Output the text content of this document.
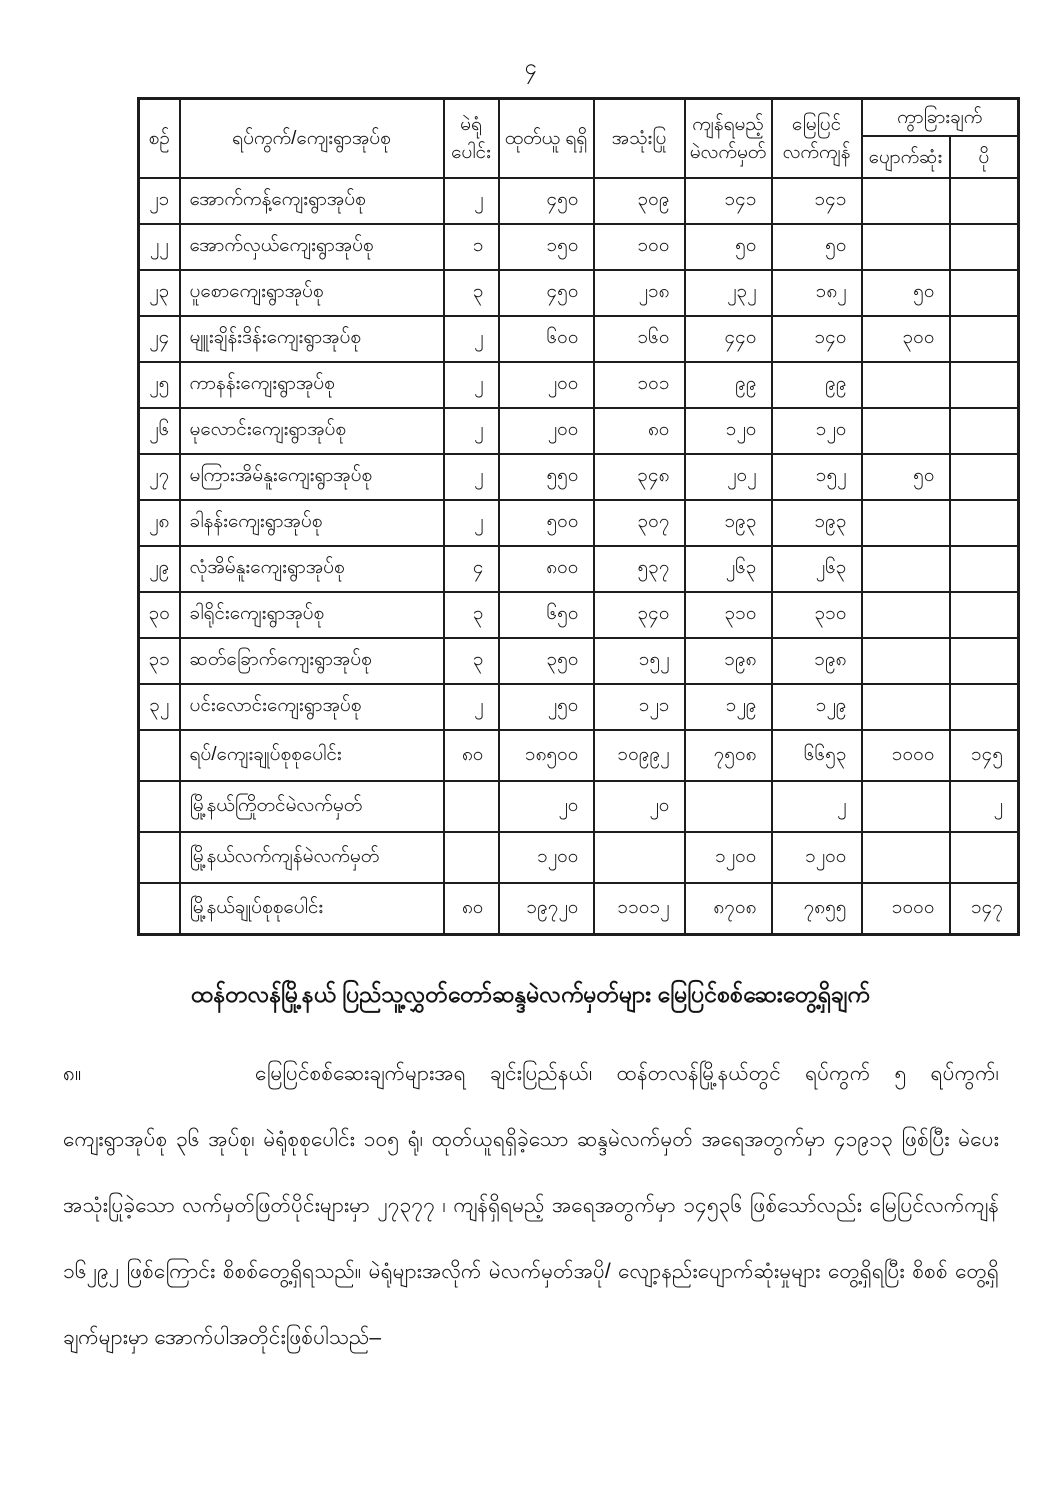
၄
စဉ်	ရပ်ကွက်/ကျေးရွာအုပ်စု	မဲရုံ ပေါင်း	ထုတ်ယူ ရရှိ	အသုံးပြု	ကျန်ရမည့် မဲလက်မှတ်	မြေပြင် လက်ကျန်	ကွာခြားချက်	
							ပျောက်ဆုံး	ပို
၂၁	အောက်ကန့်ကျေးရွာအုပ်စု	၂	၄၅၀	၃၀၉	၁၄၁	၁၄၁		
၂၂	အောက်လှယ်ကျေးရွာအုပ်စု	၁	၁၅၀	၁၀၀	၅၀	၅၀		
၂၃	ပူစောကျေးရွာအုပ်စု	၃	၄၅၀	၂၁၈	၂၃၂	၁၈၂	၅၀	
၂၄	မျူးချိန်းဒိန်းကျေးရွာအုပ်စု	၂	၆၀၀	၁၆၀	၄၄၀	၁၄၀	၃၀၀	
၂၅	ကာနန်းကျေးရွာအုပ်စု	၂	၂၀၀	၁၀၁	၉၉	၉၉		
၂၆	မုလောင်းကျေးရွာအုပ်စု	၂	၂၀၀	၈၀	၁၂၀	၁၂၀		
၂၇	မကြားအိမ်နူးကျေးရွာအုပ်စု	၂	၅၅၀	၃၄၈	၂၀၂	၁၅၂	၅၀	
၂၈	ခါနန်းကျေးရွာအုပ်စု	၂	၅၀၀	၃၀၇	၁၉၃	၁၉၃		
၂၉	လုံအိမ်နူးကျေးရွာအုပ်စု	၄	၈၀၀	၅၃၇	၂၆၃	၂၆၃		
၃၀	ခါရိုင်းကျေးရွာအုပ်စု	၃	၆၅၀	၃၄၀	၃၁၀	၃၁၀		
၃၁	ဆတ်ခြောက်ကျေးရွာအုပ်စု	၃	၃၅၀	၁၅၂	၁၉၈	၁၉၈		
၃၂	ပင်းလောင်းကျေးရွာအုပ်စု	၂	၂၅၀	၁၂၁	၁၂၉	၁၂၉		
	ရပ်/ကျေးချုပ်စုစုပေါင်း	၈၀	၁၈၅၀၀	၁၀၉၉၂	၇၅၀၈	၆၆၅၃	၁၀၀၀	၁၄၅
	မြို့နယ်ကြိုတင်မဲလက်မှတ်		၂၀	၂၀		၂		၂
	မြို့နယ်လက်ကျန်မဲလက်မှတ်		၁၂၀၀		၁၂၀၀	၁၂၀၀		
	မြို့နယ်ချုပ်စုစုပေါင်း	၈၀	၁၉၇၂၀	၁၁၀၁၂	၈၇၀၈	၇၈၅၅	၁၀၀၀	၁၄၇
ထန်တလန်မြို့နယ် ပြည်သူ့လွှတ်တော်ဆန္ဒမဲလက်မှတ်များ မြေပြင်စစ်ဆေးတွေ့ရှိချက်
၈။	မြေပြင်စစ်ဆေးချက်များအရ ချင်းပြည်နယ်၊ ထန်တလန်မြို့နယ်တွင် ရပ်ကွက် ၅ ရပ်ကွက်၊ ကျေးရွာအုပ်စု ၃၆ အုပ်စု၊ မဲရုံစုစုပေါင်း ၁၀၅ ရုံ၊ ထုတ်ယူရရှိခဲ့သော ဆန္ဒမဲလက်မှတ် အရေအတွက်မှာ ၄၁၉၁၃ ဖြစ်ပြီး မဲပေးအသုံးပြုခဲ့သော လက်မှတ်ဖြတ်ပိုင်းများမှာ ၂၇၃၇၇ ၊ ကျန်ရှိရမည့် အရေအတွက်မှာ ၁၄၅၃၆ ဖြစ်သော်လည်း မြေပြင်လက်ကျန် ၁၆၂၉၂ ဖြစ်ကြောင်း စိစစ်တွေ့ရှိရသည်။ မဲရုံများအလိုက် မဲလက်မှတ်အပို/ လျော့နည်းပျောက်ဆုံးမှုများ တွေ့ရှိရပြီး စိစစ် တွေ့ရှိချက်များမှာ အောက်ပါအတိုင်းဖြစ်ပါသည်–
